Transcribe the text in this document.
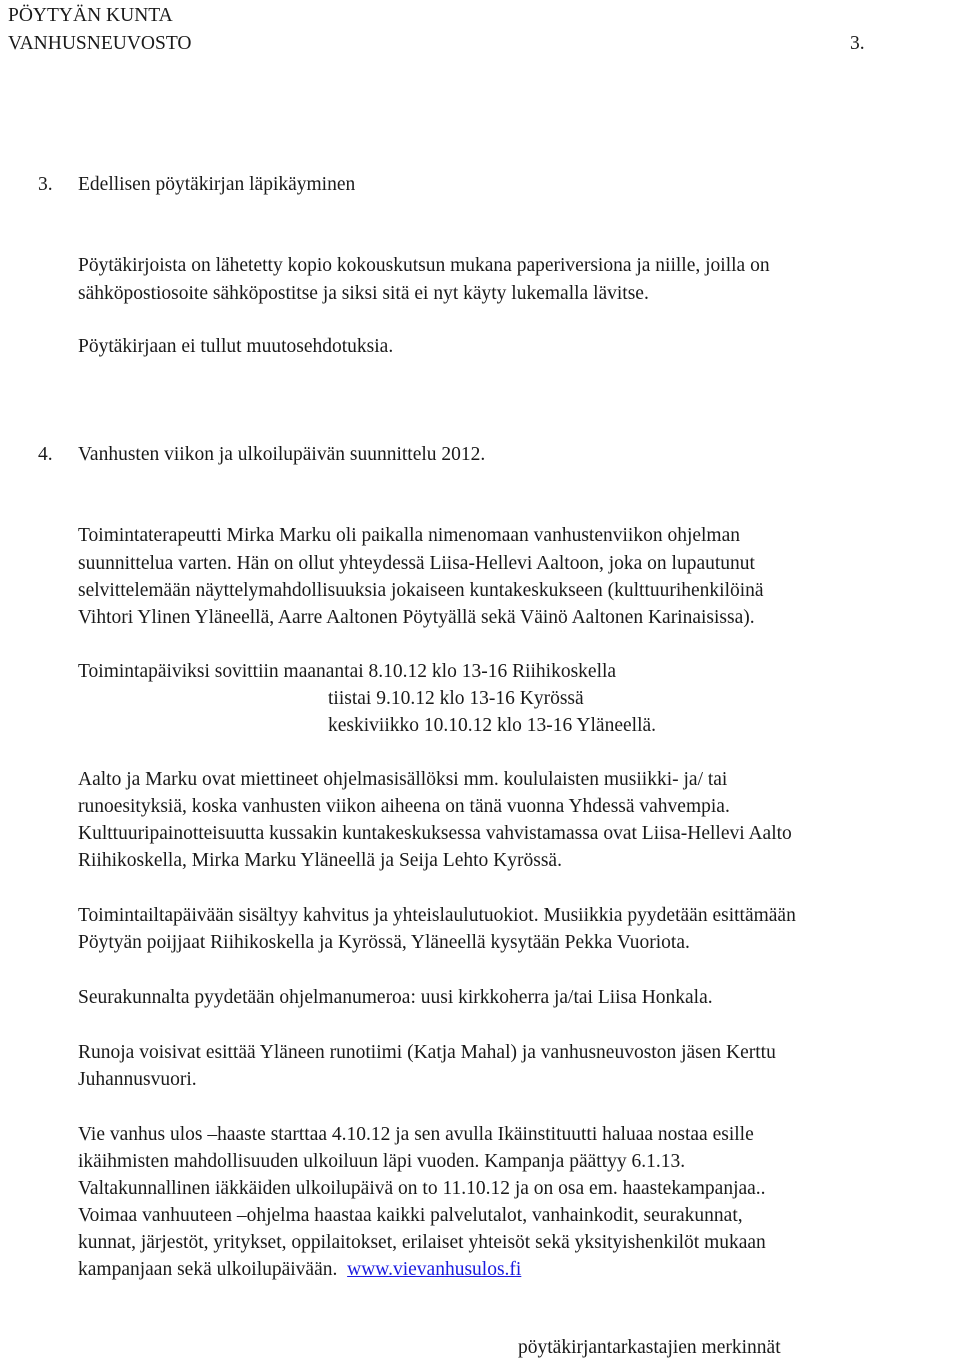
PÖYTYÄN KUNTA
VANHUSNEUVOSTO	3.
3. Edellisen pöytäkirjan läpikäyminen
Pöytäkirjoista on lähetetty kopio kokouskutsun mukana paperiversiona ja niille, joilla on
sähköpostiosoite sähköpostitse ja siksi sitä ei nyt käyty lukemalla lävitse.
Pöytäkirjaan ei tullut muutosehdotuksia.
4. Vanhusten viikon ja ulkoilupäivän suunnittelu 2012.
Toimintaterapeutti Mirka Marku oli paikalla nimenomaan vanhustenviikon ohjelman
suunnittelua varten. Hän on ollut yhteydessä Liisa-Hellevi Aaltoon, joka on lupautunut
selvittelemään näyttelymahdollisuuksia jokaiseen kuntakeskukseen (kulttuurihenkilöinä
Vihtori Ylinen Yläneellä, Aarre Aaltonen Pöytyällä sekä Väinö Aaltonen Karinaisissa).
Toimintapäiviksi sovittiin maanantai 8.10.12 klo 13-16 Riihikoskella
tiistai 9.10.12 klo 13-16 Kyrössä
keskiviikko 10.10.12 klo 13-16 Yläneellä.
Aalto ja Marku ovat miettineet ohjelmasisällöksi mm. koululaisten musiikki- ja/ tai
runoesityksiä, koska vanhusten viikon aiheena on tänä vuonna Yhdessä vahvempia.
Kulttuuripainotteisuutta kussakin kuntakeskuksessa vahvistamassa ovat Liisa-Hellevi Aalto
Riihikoskella, Mirka Marku Yläneellä ja Seija Lehto Kyrössä.
Toimintailtapäivään sisältyy kahvitus ja yhteislaulutuokiot. Musiikkia pyydetään esittämään
Pöytyän poijjaat Riihikoskella ja Kyrössä, Yläneellä kysytään Pekka Vuoriota.
Seurakunnalta pyydetään ohjelmanumeroa: uusi kirkkoherra ja/tai Liisa Honkala.
Runoja voisivat esittää Yläneen runotiimi (Katja Mahal) ja vanhusneuvoston jäsen Kerttu
Juhannusvuori.
Vie vanhus ulos –haaste starttaa 4.10.12 ja sen avulla Ikäinstituutti haluaa nostaa esille
ikäihmisten mahdollisuuden ulkoiluun läpi vuoden. Kampanja päättyy 6.1.13.
Valtakunnallinen iäkkäiden ulkoilupäivä on to 11.10.12 ja on osa em. haastekampanjaa..
Voimaa vanhuuteen –ohjelma haastaa kaikki palvelutalot, vanhainkodit, seurakunnat,
kunnat, järjestöt, yritykset, oppilaitokset, erilaiset yhteisöt sekä yksityishenkilöt mukaan
kampanjaan sekä ulkoilupäivään. www.vievanhusulos.fi
pöytäkirjantarkastajien merkinnät
